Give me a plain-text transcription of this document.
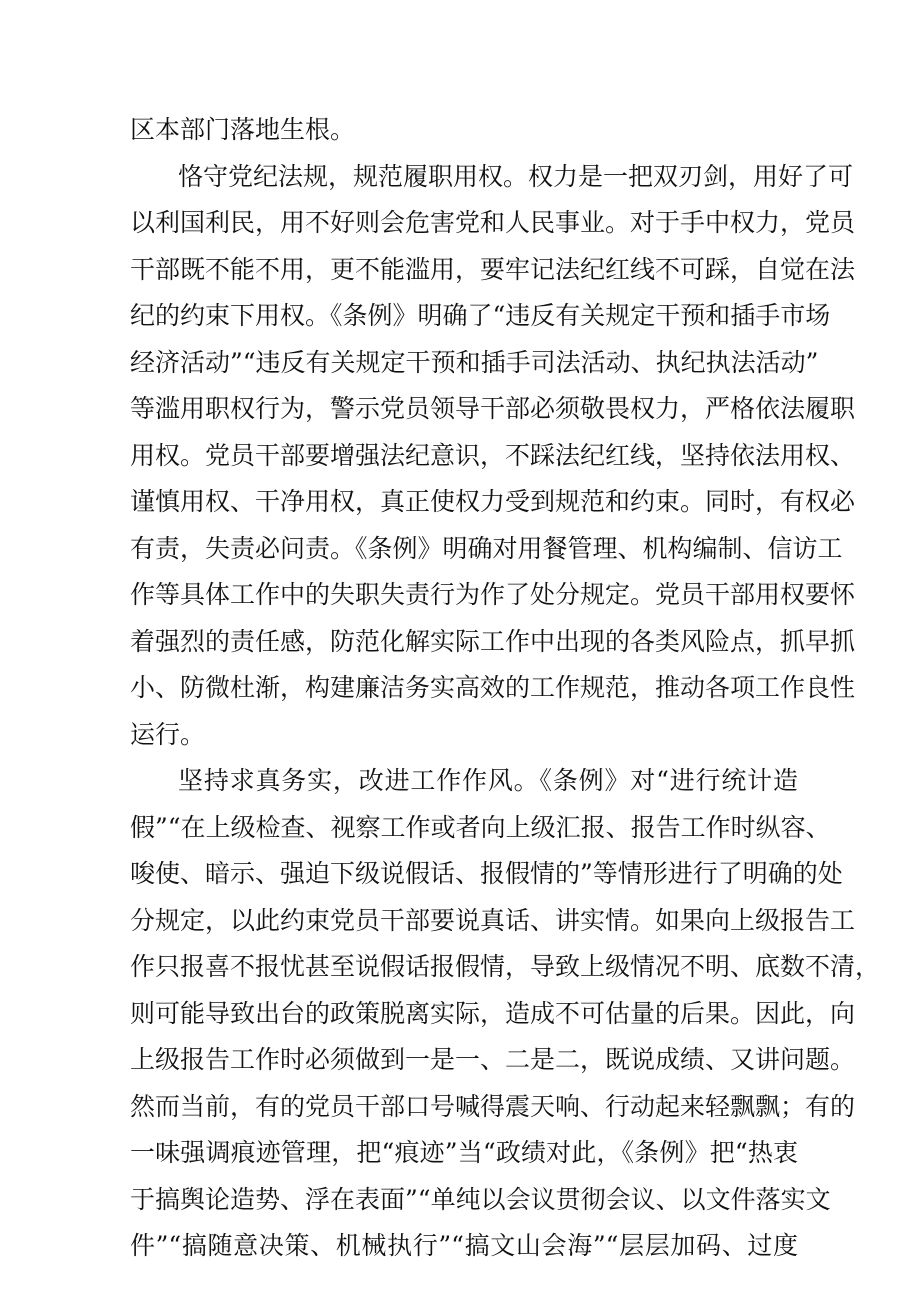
区本部门落地生根。
恪守党纪法规，规范履职用权。权力是一把双刃剑，用好了可
以利国利民，用不好则会危害党和人民事业。对于手中权力，党员
干部既不能不用，更不能滥用，要牢记法纪红线不可踩，自觉在法
纪的约束下用权。《条例》明确了“违反有关规定干预和插手市场
经济活动”“违反有关规定干预和插手司法活动、执纪执法活动”
等滥用职权行为，警示党员领导干部必须敬畏权力，严格依法履职
用权。党员干部要增强法纪意识，不踩法纪红线，坚持依法用权、
谨慎用权、干净用权，真正使权力受到规范和约束。同时，有权必
有责，失责必问责。《条例》明确对用餐管理、机构编制、信访工
作等具体工作中的失职失责行为作了处分规定。党员干部用权要怀
着强烈的责任感，防范化解实际工作中出现的各类风险点，抓早抓
小、防微杜渐，构建廉洁务实高效的工作规范，推动各项工作良性
运行。
坚持求真务实，改进工作作风。《条例》对“进行统计造
假”“在上级检查、视察工作或者向上级汇报、报告工作时纵容、
唆使、暗示、强迫下级说假话、报假情的”等情形进行了明确的处
分规定，以此约束党员干部要说真话、讲实情。如果向上级报告工
作只报喜不报忧甚至说假话报假情，导致上级情况不明、底数不清，
则可能导致出台的政策脱离实际，造成不可估量的后果。因此，向
上级报告工作时必须做到一是一、二是二，既说成绩、又讲问题。
然而当前，有的党员干部口号喊得震天响、行动起来轻飘飘；有的
一味强调痕迹管理，把“痕迹”当“政绩对此，《条例》把“热衷
于搞舆论造势、浮在表面”“单纯以会议贯彻会议、以文件落实文
件”“搞随意决策、机械执行”“搞文山会海”“层层加码、过度
